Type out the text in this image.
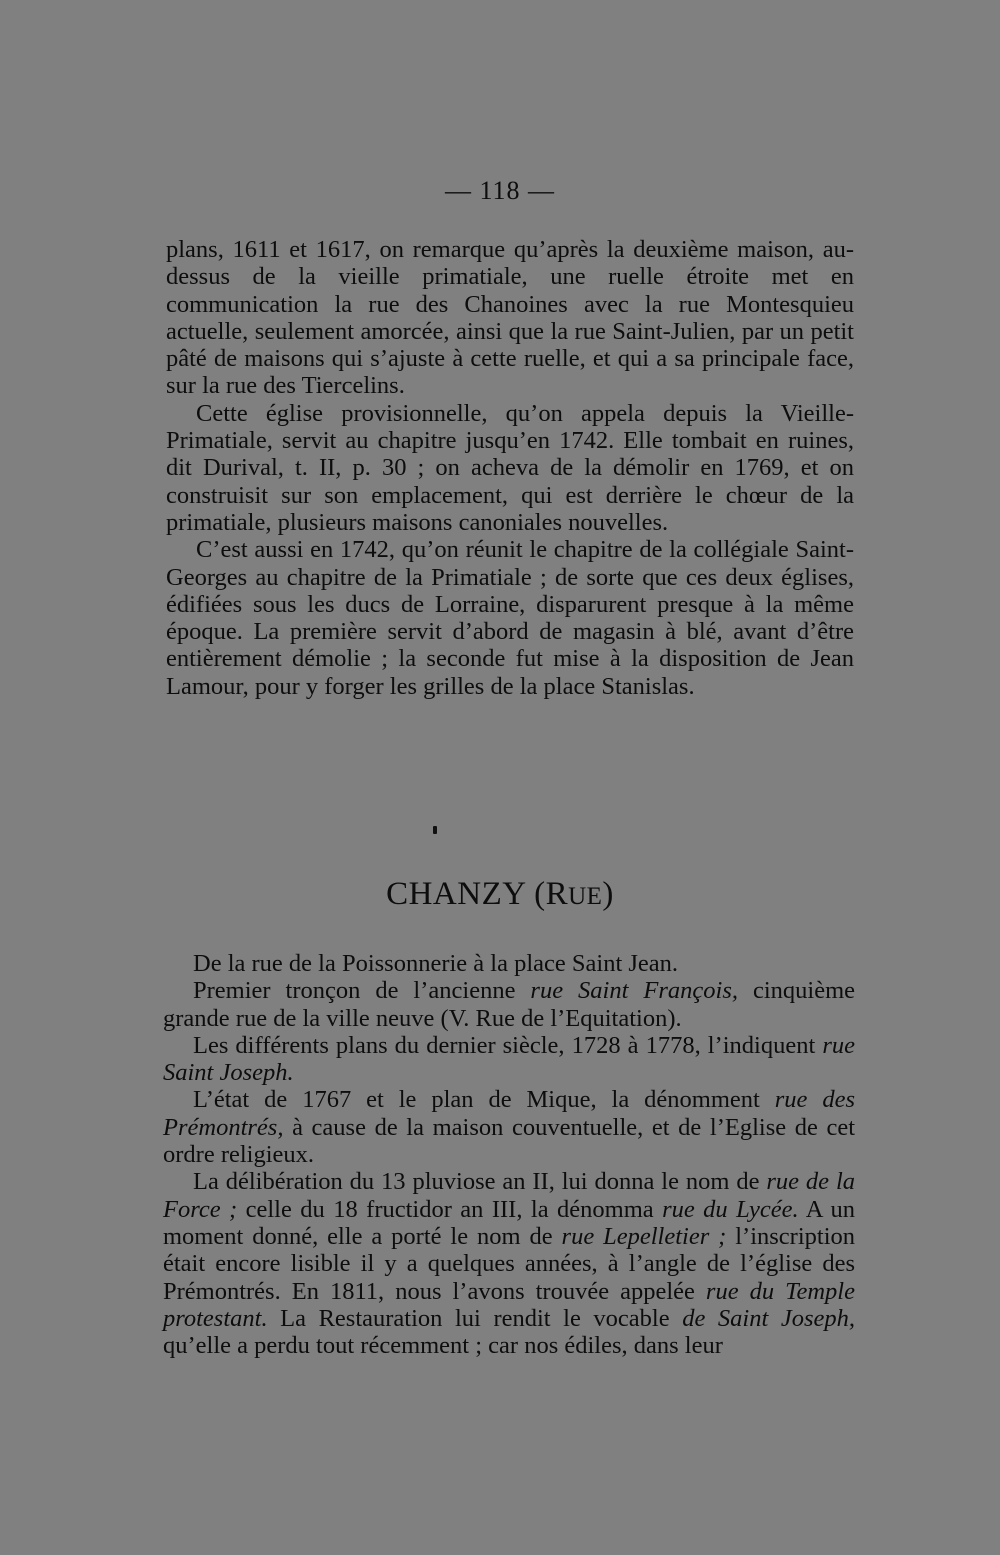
— 118 —

plans, 1611 et 1617, on remarque qu’après la deuxième maison, au-dessus de la vieille primatiale, une ruelle étroite met en communication la rue des Chanoines avec la rue Montesquieu actuelle, seulement amorcée, ainsi que la rue Saint-Julien, par un petit pâté de maisons qui s’ajuste à cette ruelle, et qui a sa principale face, sur la rue des Tiercelins.

Cette église provisionnelle, qu’on appela depuis la Vieille-Primatiale, servit au chapitre jusqu’en 1742. Elle tombait en ruines, dit Durival, t. II, p. 30 ; on acheva de la démolir en 1769, et on construisit sur son emplacement, qui est derrière le chœur de la primatiale, plusieurs maisons canoniales nouvelles.

C’est aussi en 1742, qu’on réunit le chapitre de la collégiale Saint-Georges au chapitre de la Primatiale ; de sorte que ces deux églises, édifiées sous les ducs de Lorraine, disparurent presque à la même époque. La première servit d’abord de magasin à blé, avant d’être entièrement démolie ; la seconde fut mise à la disposition de Jean Lamour, pour y forger les grilles de la place Stanislas.

CHANZY (RUE)

De la rue de la Poissonnerie à la place Saint Jean.

Premier tronçon de l’ancienne rue Saint François, cinquième grande rue de la ville neuve (V. Rue de l’Equitation).

Les différents plans du dernier siècle, 1728 à 1778, l’indiquent rue Saint Joseph.

L’état de 1767 et le plan de Mique, la dénomment rue des Prémontrés, à cause de la maison couventuelle, et de l’Eglise de cet ordre religieux.

La délibération du 13 pluviose an II, lui donna le nom de rue de la Force ; celle du 18 fructidor an III, la dénomma rue du Lycée. A un moment donné, elle a porté le nom de rue Lepelletier ; l’inscription était encore lisible il y a quelques années, à l’angle de l’église des Prémontrés. En 1811, nous l’avons trouvée appelée rue du Temple protestant. La Restauration lui rendit le vocable de Saint Joseph, qu’elle a perdu tout récemment ; car nos édiles, dans leur
